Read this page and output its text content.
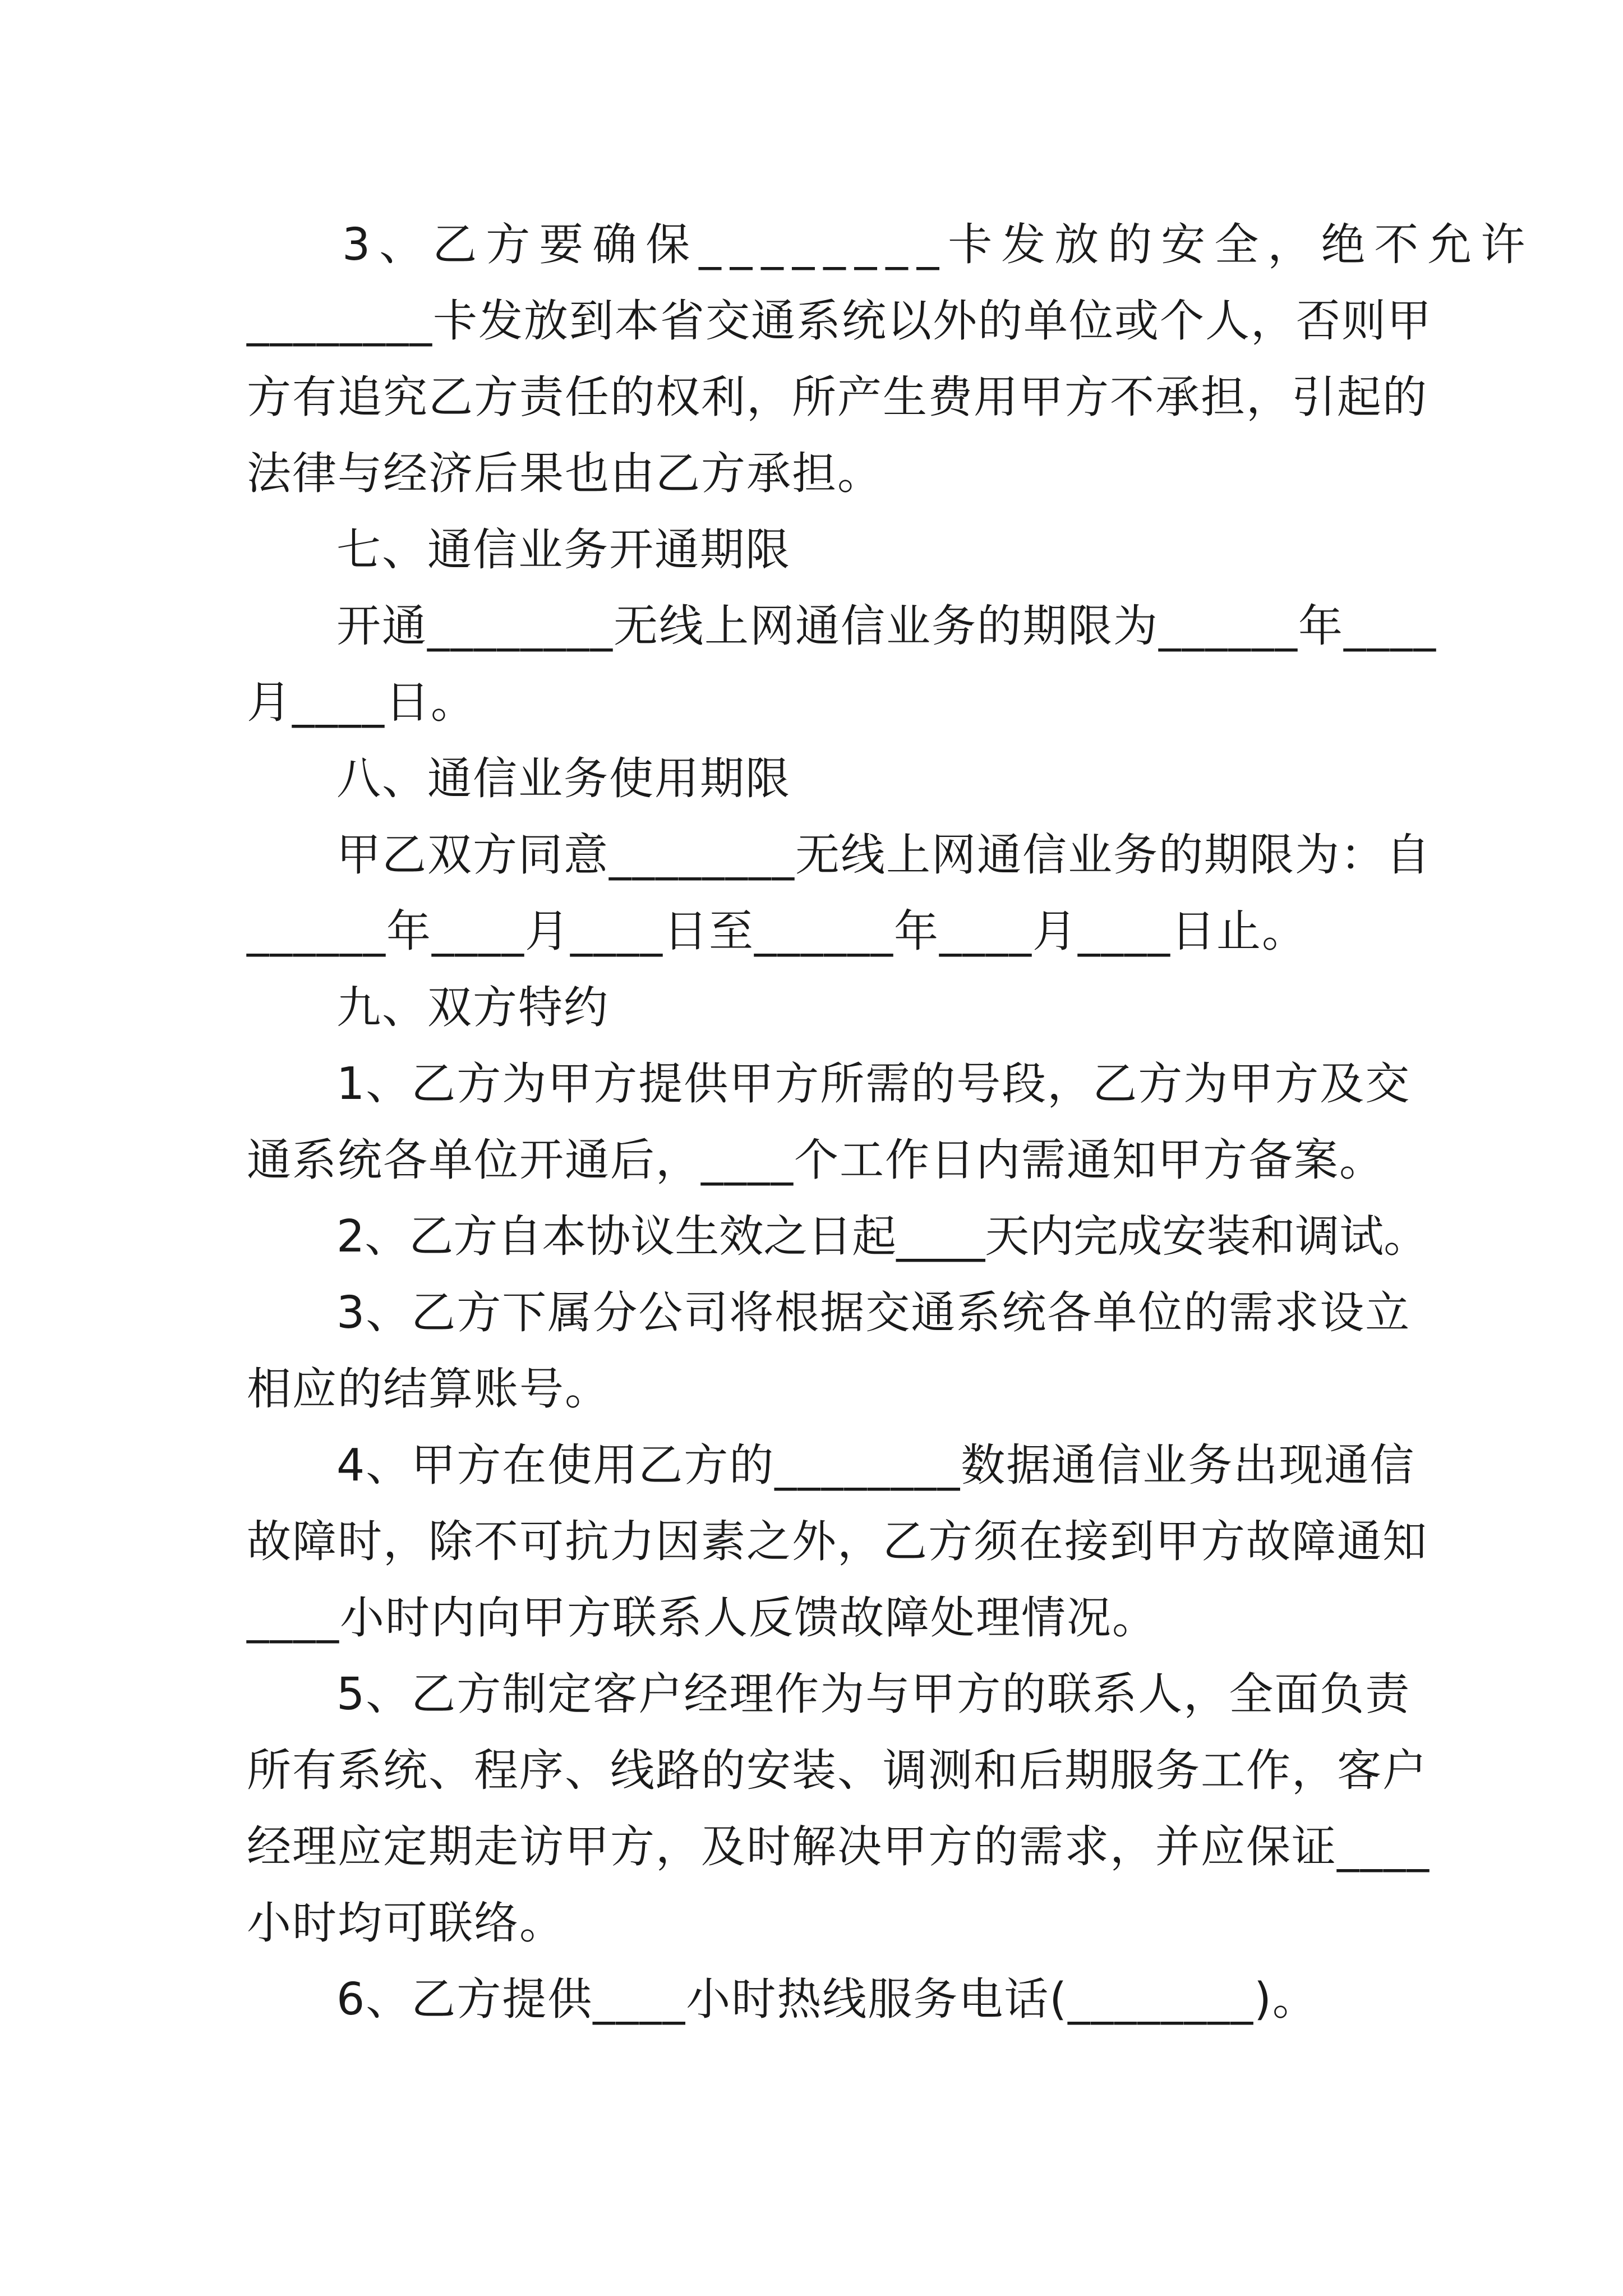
3、乙方要确保________卡发放的安全，绝不允许
________卡发放到本省交通系统以外的单位或个人，否则甲
方有追究乙方责任的权利，所产生费用甲方不承担，引起的
法律与经济后果也由乙方承担。
七、通信业务开通期限
开通________无线上网通信业务的期限为______年____
月____日。
八、通信业务使用期限
甲乙双方同意________无线上网通信业务的期限为：自
______年____月____日至______年____月____日止。
九、双方特约
1、乙方为甲方提供甲方所需的号段，乙方为甲方及交
通系统各单位开通后，____个工作日内需通知甲方备案。
2、乙方自本协议生效之日起____天内完成安装和调试。
3、乙方下属分公司将根据交通系统各单位的需求设立
相应的结算账号。
4、甲方在使用乙方的________数据通信业务出现通信
故障时，除不可抗力因素之外，乙方须在接到甲方故障通知
____小时内向甲方联系人反馈故障处理情况。
5、乙方制定客户经理作为与甲方的联系人，全面负责
所有系统、程序、线路的安装、调测和后期服务工作，客户
经理应定期走访甲方，及时解决甲方的需求，并应保证____
小时均可联络。
6、乙方提供____小时热线服务电话(________)。
